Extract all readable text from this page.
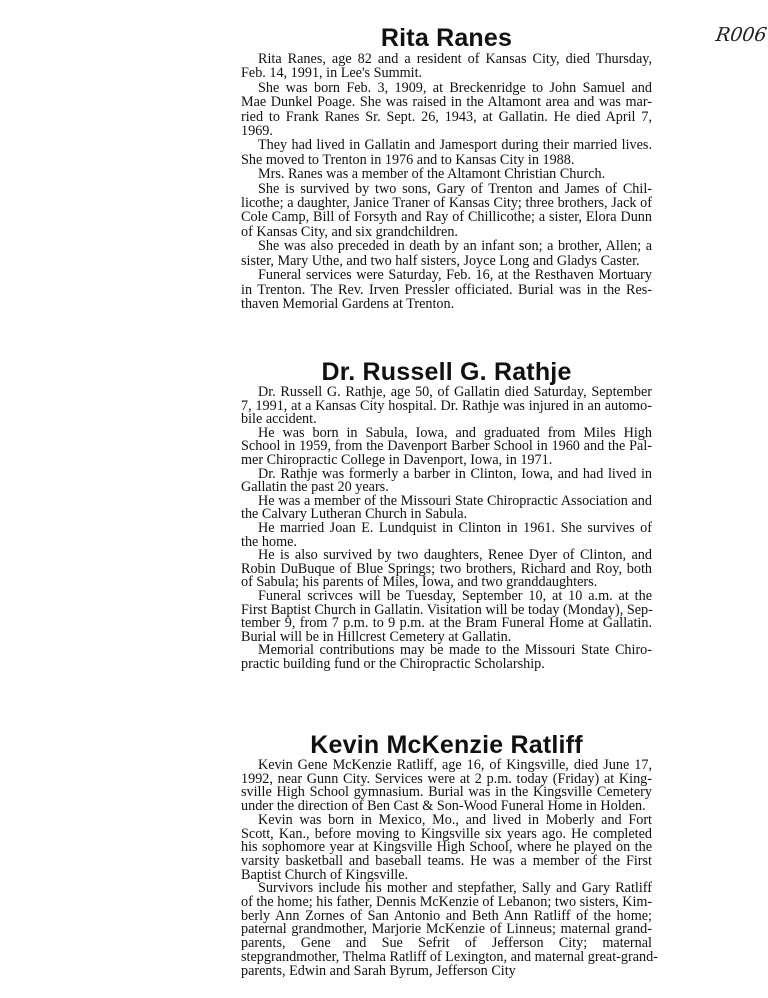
R006
Rita Ranes
Rita Ranes, age 82 and a resident of Kansas City, died Thursday,
Feb. 14, 1991, in Lee's Summit.
She was born Feb. 3, 1909, at Breckenridge to John Samuel and
Mae Dunkel Poage. She was raised in the Altamont area and was mar-
ried to Frank Ranes Sr. Sept. 26, 1943, at Gallatin. He died April 7,
1969.
They had lived in Gallatin and Jamesport during their married lives.
She moved to Trenton in 1976 and to Kansas City in 1988.
Mrs. Ranes was a member of the Altamont Christian Church.
She is survived by two sons, Gary of Trenton and James of Chil-
licothe; a daughter, Janice Traner of Kansas City; three brothers, Jack of
Cole Camp, Bill of Forsyth and Ray of Chillicothe; a sister, Elora Dunn
of Kansas City, and six grandchildren.
She was also preceded in death by an infant son; a brother, Allen; a
sister, Mary Uthe, and two half sisters, Joyce Long and Gladys Caster.
Funeral services were Saturday, Feb. 16, at the Resthaven Mortuary
in Trenton. The Rev. Irven Pressler officiated. Burial was in the Res-
thaven Memorial Gardens at Trenton.
Dr. Russell G. Rathje
Dr. Russell G. Rathje, age 50, of Gallatin died Saturday, September
7, 1991, at a Kansas City hospital. Dr. Rathje was injured in an automo-
bile accident.
He was born in Sabula, Iowa, and graduated from Miles High
School in 1959, from the Davenport Barber School in 1960 and the Pal-
mer Chiropractic College in Davenport, Iowa, in 1971.
Dr. Rathje was formerly a barber in Clinton, Iowa, and had lived in
Gallatin the past 20 years.
He was a member of the Missouri State Chiropractic Association and
the Calvary Lutheran Church in Sabula.
He married Joan E. Lundquist in Clinton in 1961. She survives of
the home.
He is also survived by two daughters, Renee Dyer of Clinton, and
Robin DuBuque of Blue Springs; two brothers, Richard and Roy, both
of Sabula; his parents of Miles, Iowa, and two granddaughters.
Funeral scrivces will be Tuesday, September 10, at 10 a.m. at the
First Baptist Church in Gallatin. Visitation will be today (Monday), Sep-
tember 9, from 7 p.m. to 9 p.m. at the Bram Funeral Home at Gallatin.
Burial will be in Hillcrest Cemetery at Gallatin.
Memorial contributions may be made to the Missouri State Chiro-
practic building fund or the Chiropractic Scholarship.
Kevin McKenzie Ratliff
Kevin Gene McKenzie Ratliff, age 16, of Kingsville, died June 17,
1992, near Gunn City. Services were at 2 p.m. today (Friday) at King-
sville High School gymnasium. Burial was in the Kingsville Cemetery
under the direction of Ben Cast & Son-Wood Funeral Home in Holden.
Kevin was born in Mexico, Mo., and lived in Moberly and Fort
Scott, Kan., before moving to Kingsville six years ago. He completed
his sophomore year at Kingsville High School, where he played on the
varsity basketball and baseball teams. He was a member of the First
Baptist Church of Kingsville.
Survivors include his mother and stepfather, Sally and Gary Ratliff
of the home; his father, Dennis McKenzie of Lebanon; two sisters, Kim-
berly Ann Zornes of San Antonio and Beth Ann Ratliff of the home;
paternal grandmother, Marjorie McKenzie of Linneus; maternal grand-
parents, Gene and Sue Sefrit of Jefferson City; maternal
stepgrandmother, Thelma Ratliff of Lexington, and maternal great-grand-
parents, Edwin and Sarah Byrum, Jefferson City
